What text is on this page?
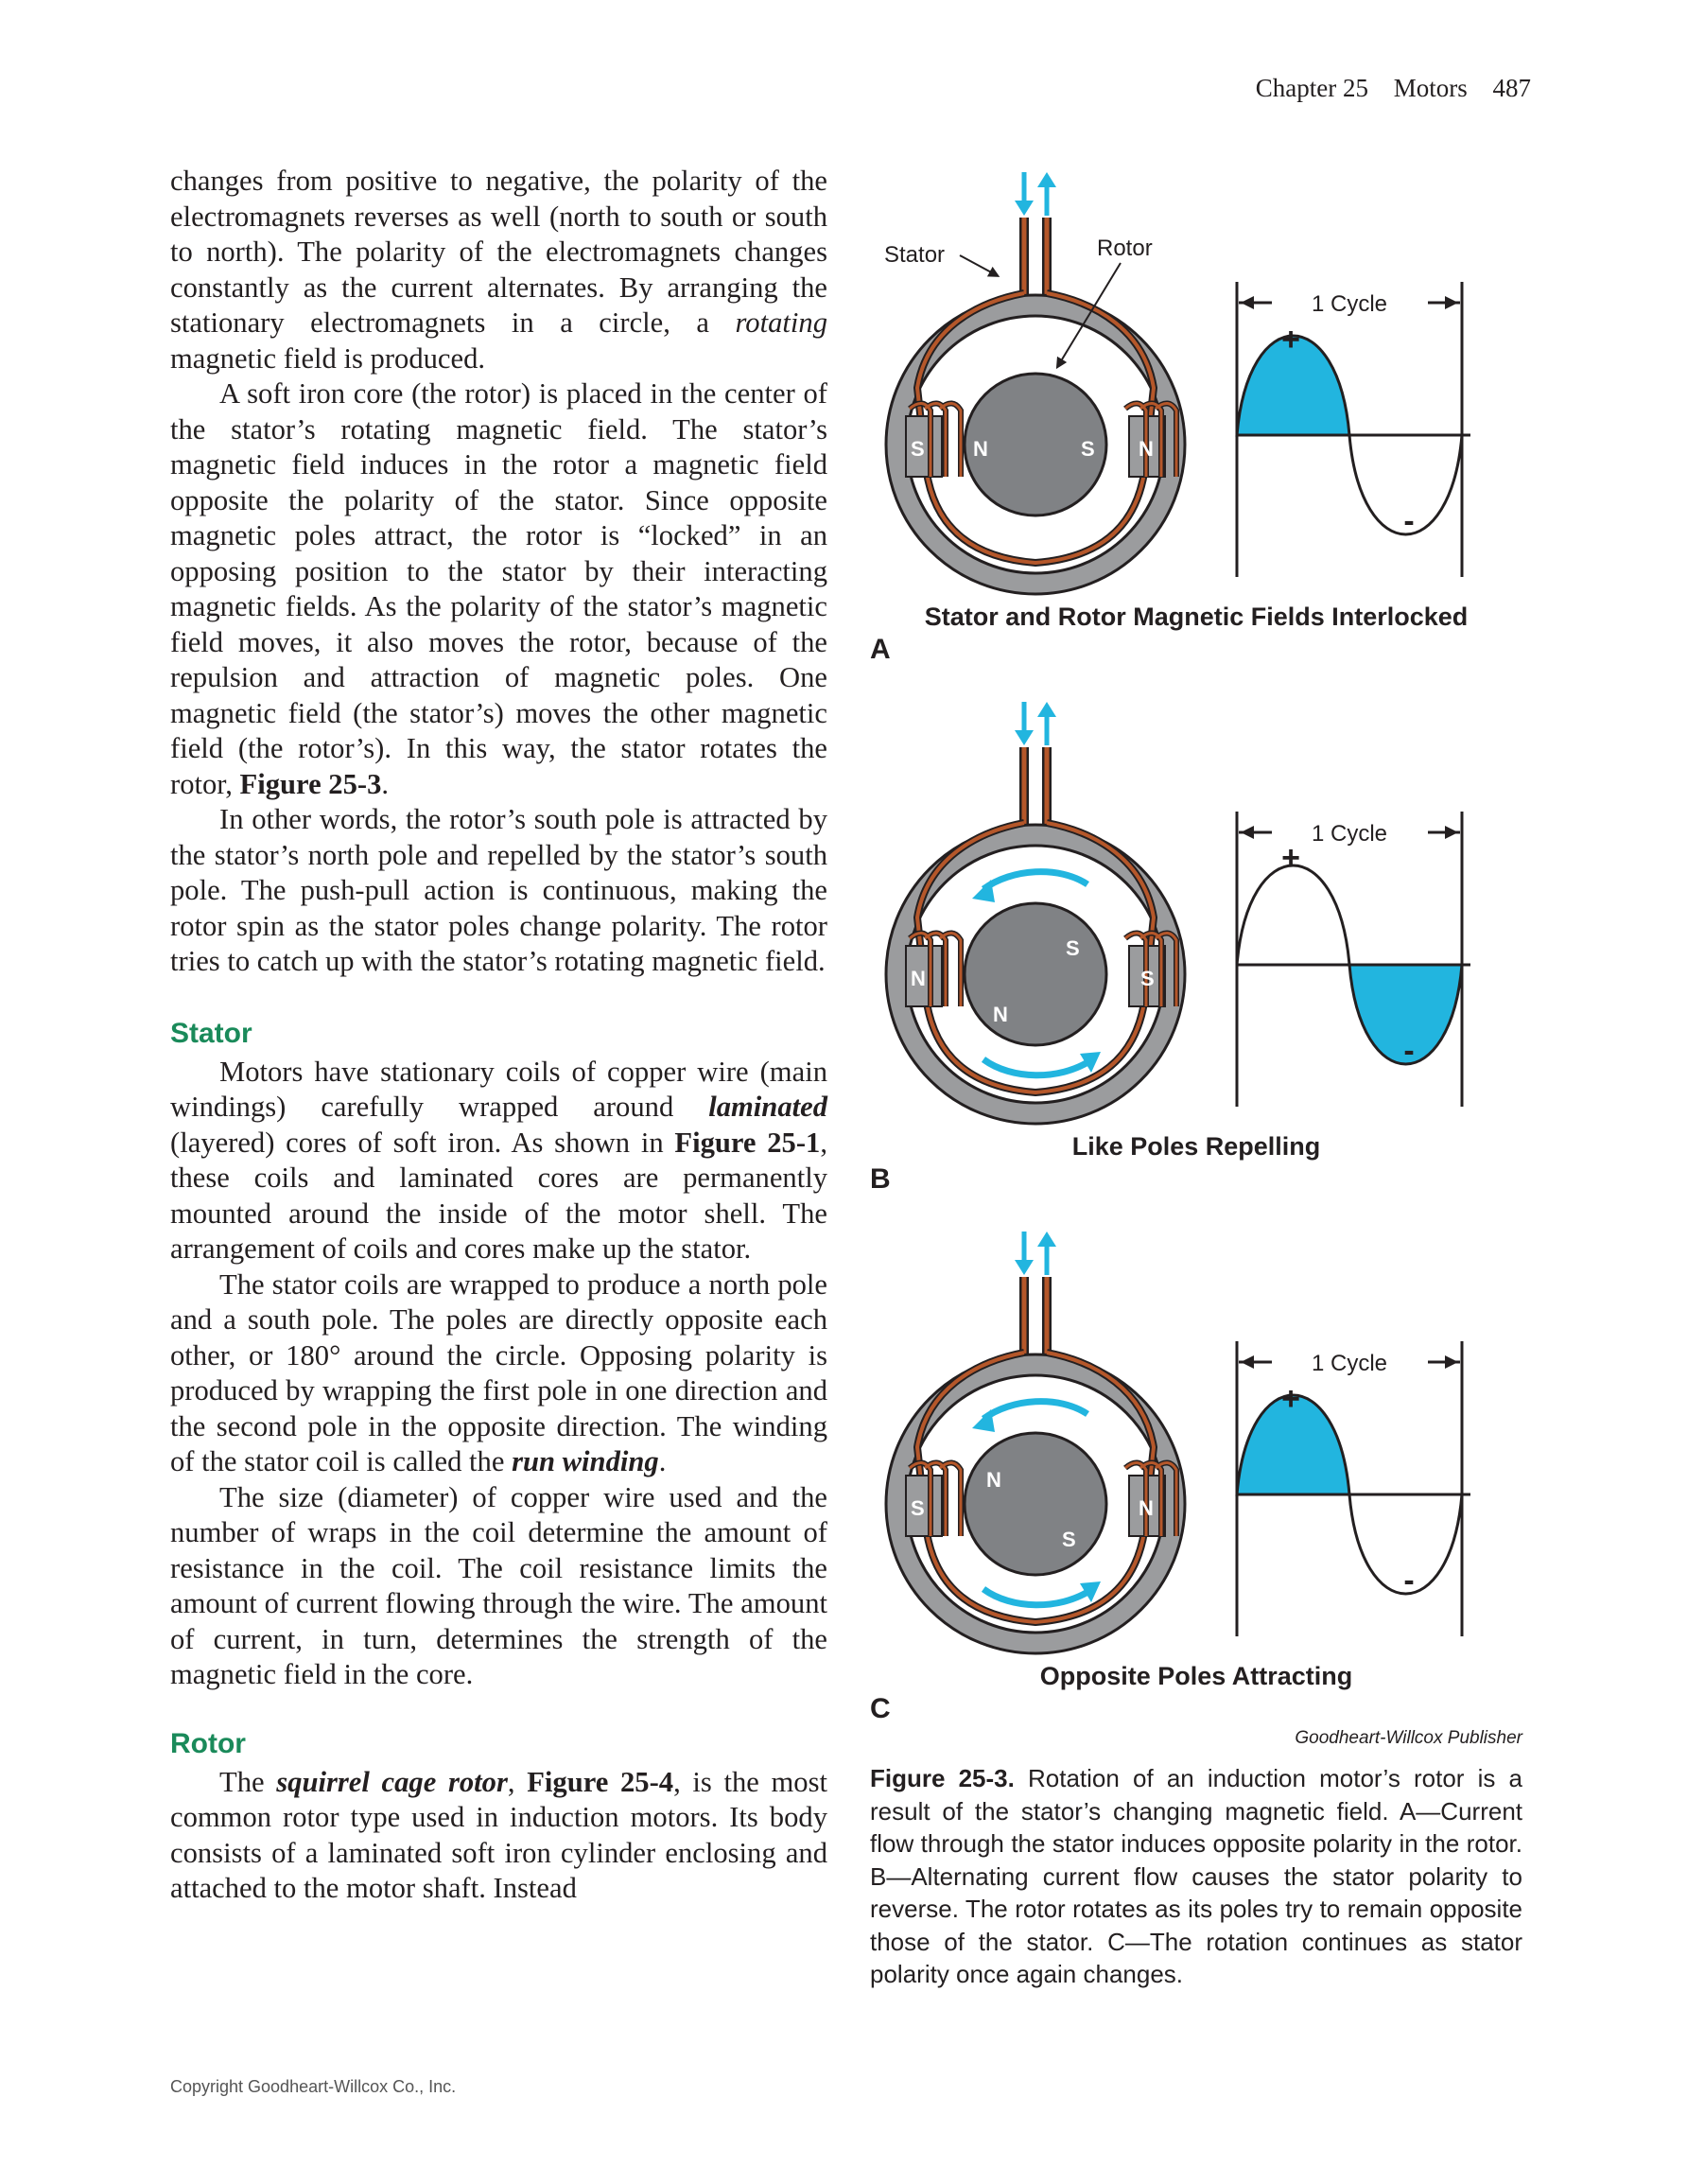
Chapter 25 Motors 487

changes from positive to negative, the polarity of the electromagnets reverses as well (north to south or south to north). The polarity of the electromagnets changes constantly as the current alternates. By arranging the stationary electromagnets in a circle, a rotating magnetic field is produced.

A soft iron core (the rotor) is placed in the center of the stator’s rotating magnetic field. The stator’s magnetic field induces in the rotor a magnetic field opposite the polarity of the stator. Since opposite magnetic poles attract, the rotor is “locked” in an opposing position to the stator by their interacting magnetic fields. As the polarity of the stator’s magnetic field moves, it also moves the rotor, because of the repulsion and attraction of magnetic poles. One magnetic field (the stator’s) moves the other magnetic field (the rotor’s). In this way, the stator rotates the rotor, Figure 25-3.

In other words, the rotor’s south pole is attracted by the stator’s north pole and repelled by the stator’s south pole. The push-pull action is continuous, making the rotor spin as the stator poles change polarity. The rotor tries to catch up with the stator’s rotating magnetic field.

Stator

Motors have stationary coils of copper wire (main windings) carefully wrapped around laminated (layered) cores of soft iron. As shown in Figure 25-1, these coils and laminated cores are permanently mounted around the inside of the motor shell. The arrangement of coils and cores make up the stator.

The stator coils are wrapped to produce a north pole and a south pole. The poles are directly opposite each other, or 180° around the circle. Opposing polarity is produced by wrapping the first pole in one direction and the second pole in the opposite direction. The winding of the stator coil is called the run winding.

The size (diameter) of copper wire used and the number of wraps in the coil determine the amount of resistance in the coil. The coil resistance limits the amount of current flowing through the wire. The amount of current, in turn, determines the strength of the magnetic field in the core.

Rotor

The squirrel cage rotor, Figure 25-4, is the most common rotor type used in induction motors. Its body consists of a laminated soft iron cylinder enclosing and attached to the motor shaft. Instead

S N	S N
Stator	Rotor
1 Cycle
+
-
Stator and Rotor Magnetic Fields Interlocked
A
N
S
N
S
1 Cycle
+
-
Like Poles Repelling
B
S
N
S
N
1 Cycle
+
-
Opposite Poles Attracting
C
Goodheart-Willcox Publisher
Figure 25-3. Rotation of an induction motor’s rotor is a result of the stator’s changing magnetic field. A—Current flow through the stator induces opposite polarity in the rotor. B—Alternating current flow causes the stator polarity to reverse. The rotor rotates as its poles try to remain opposite those of the stator. C—The rotation continues as stator polarity once again changes.
Copyright Goodheart-Willcox Co., Inc.
